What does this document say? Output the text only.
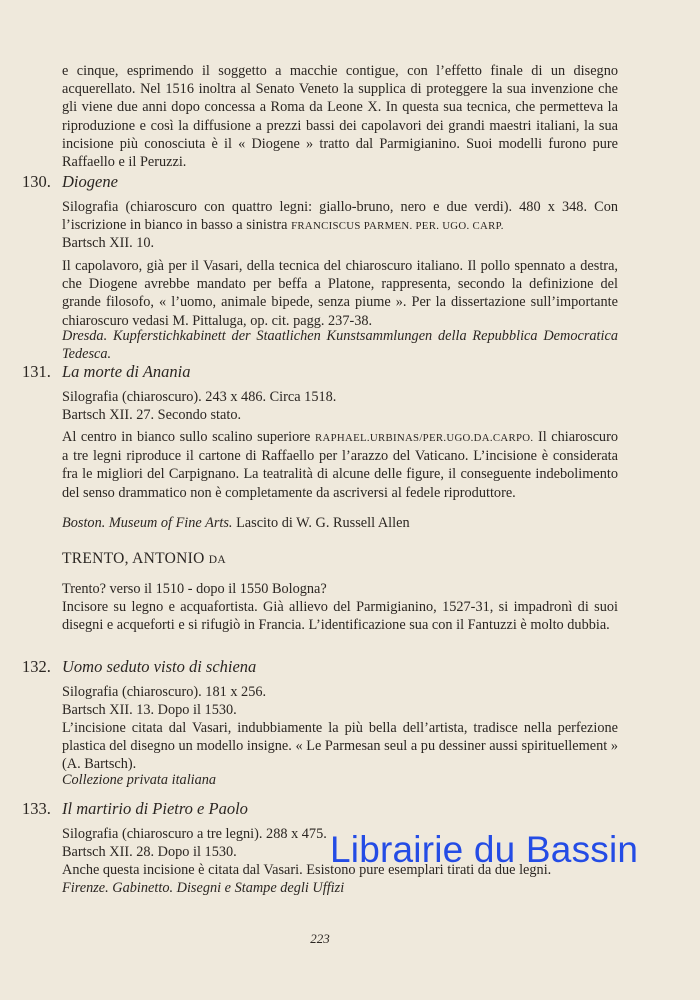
e cinque, esprimendo il soggetto a macchie contigue, con l’effetto finale di un disegno acquerellato. Nel 1516 inoltra al Senato Veneto la supplica di proteggere la sua invenzione che gli viene due anni dopo concessa a Roma da Leone X. In questa sua tecnica, che permetteva la riproduzione e così la diffusione a prezzi bassi dei capolavori dei grandi maestri italiani, la sua incisione più conosciuta è il « Diogene » tratto dal Parmigianino. Suoi modelli furono pure Raffaello e il Peruzzi.

130. Diogene

Silografia (chiaroscuro con quattro legni: giallo-bruno, nero e due verdi). 480 x 348. Con l’iscrizione in bianco in basso a sinistra FRANCISCUS PARMEN. PER. UGO. CARP.

Bartsch XII. 10.

Il capolavoro, già per il Vasari, della tecnica del chiaroscuro italiano. Il pollo spennato a destra, che Diogene avrebbe mandato per beffa a Platone, rappresenta, secondo la definizione del grande filosofo, « l’uomo, animale bipede, senza piume ». Per la dissertazione sull’importante chiaroscuro vedasi M. Pittaluga, op. cit. pagg. 237-38.

Dresda. Kupferstichkabinett der Staatlichen Kunstsammlungen della Repubblica Democratica Tedesca.

131. La morte di Anania

Silografia (chiaroscuro). 243 x 486. Circa 1518.

Bartsch XII. 27. Secondo stato.

Al centro in bianco sullo scalino superiore RAPHAEL.URBINAS/PER.UGO.DA.CARPO. Il chiaroscuro a tre legni riproduce il cartone di Raffaello per l’arazzo del Vaticano. L’incisione è considerata fra le migliori del Carpignano. La teatralità di alcune delle figure, il conseguente indebolimento del senso drammatico non è completamente da ascriversi al fedele riproduttore.

Boston. Museum of Fine Arts. Lascito di W. G. Russell Allen

TRENTO, ANTONIO DA

Trento? verso il 1510 - dopo il 1550 Bologna?

Incisore su legno e acquafortista. Già allievo del Parmigianino, 1527-31, si impadronì di suoi disegni e acqueforti e si rifugiò in Francia. L’identificazione sua con il Fantuzzi è molto dubbia.

132. Uomo seduto visto di schiena

Silografia (chiaroscuro). 181 x 256.

Bartsch XII. 13. Dopo il 1530.

L’incisione citata dal Vasari, indubbiamente la più bella dell’artista, tradisce nella perfezione plastica del disegno un modello insigne. « Le Parmesan seul a pu dessiner aussi spirituellement » (A. Bartsch).

Collezione privata italiana

133. Il martirio di Pietro e Paolo

Silografia (chiaroscuro a tre legni). 288 x 475.

Bartsch XII. 28. Dopo il 1530.

Anche questa incisione è citata dal Vasari. Esistono pure esemplari tirati da due legni.

Firenze. Gabinetto. Disegni e Stampe degli Uffizi

223
Librairie du Bassin
